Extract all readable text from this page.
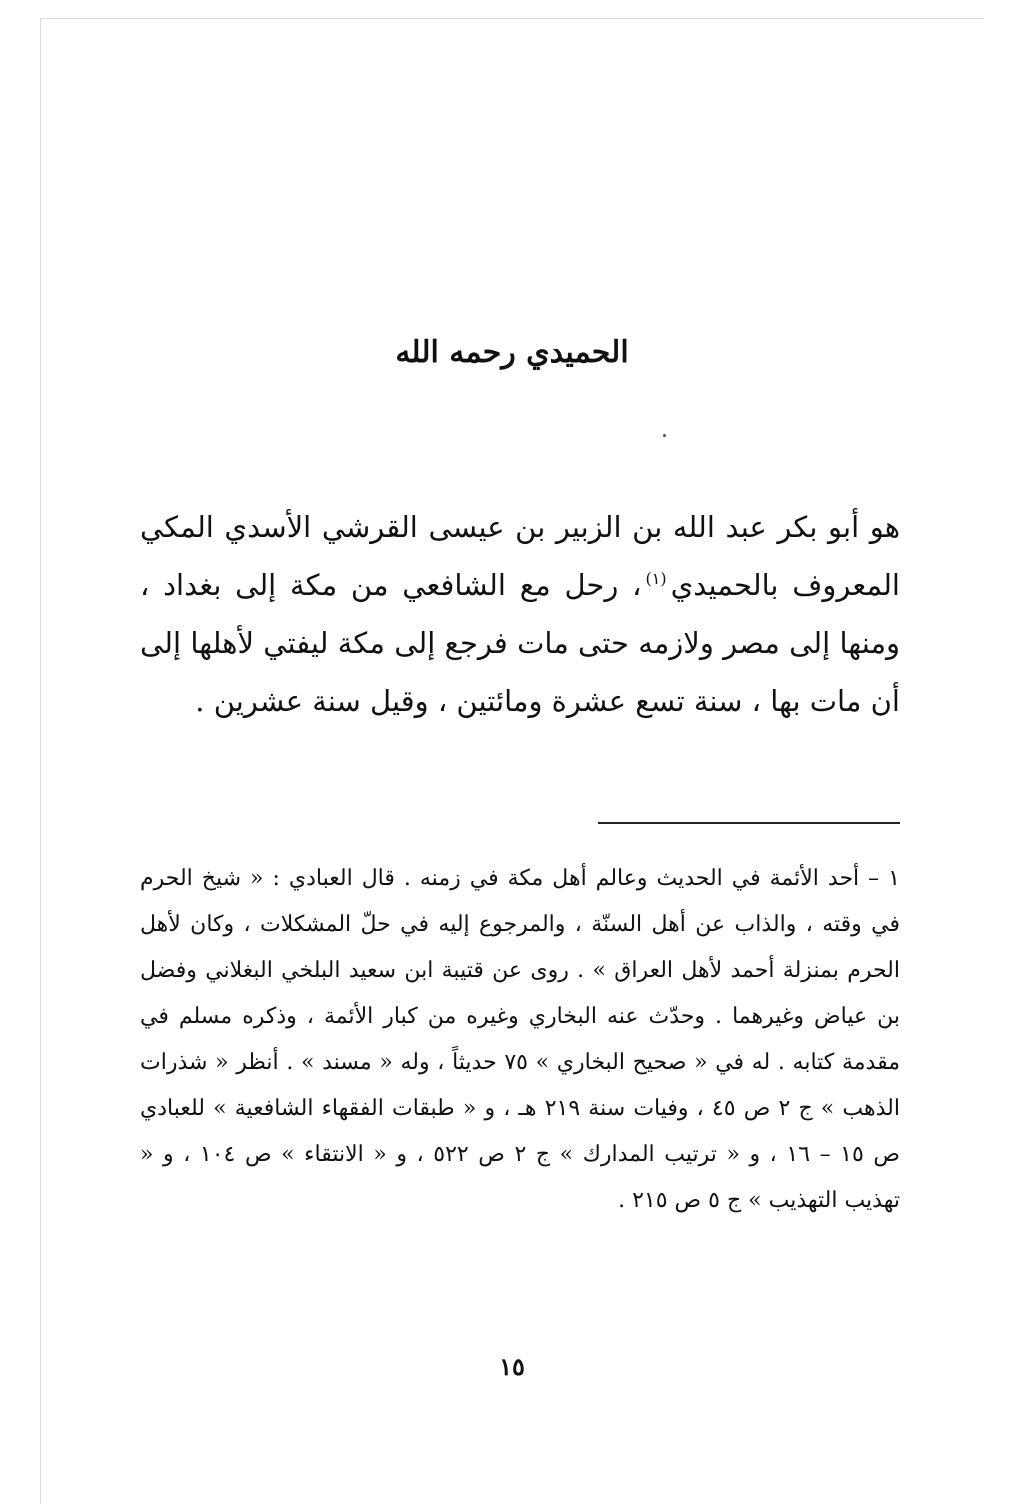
الحميدي رحمه الله

هو أبو بكر عبد الله بن الزبير بن عيسى القرشي الأسدي المكي المعروف بالحميدي$^{(١)}$، رحل مع الشافعي من مكة إلى بغداد ، ومنها إلى مصر ولازمه حتى مات فرجع إلى مكة ليفتي لأهلها إلى أن مات بها ، سنة تسع عشرة ومائتين ، وقيل سنة عشرين .

١ – أحد الأئمة في الحديث وعالم أهل مكة في زمنه . قال العبادي : « شيخ الحرم في وقته ، والذاب عن أهل السنّة ، والمرجوع إليه في حلّ المشكلات ، وكان لأهل الحرم بمنزلة أحمد لأهل العراق » . روى عن قتيبة ابن سعيد البلخي البغلاني وفضل بن عياض وغيرهما . وحدّث عنه البخاري وغيره من كبار الأئمة ، وذكره مسلم في مقدمة كتابه . له في « صحيح البخاري » ٧٥ حديثاً ، وله « مسند » . أنظر « شذرات الذهب » ج ٢ ص ٤٥ ، وفيات سنة ٢١٩ هـ ، و « طبقات الفقهاء الشافعية » للعبادي ص ١٥ – ١٦ ، و « ترتيب المدارك » ج ٢ ص ٥٢٢ ، و « الانتقاء » ص ١٠٤ ، و « تهذيب التهذيب » ج ٥ ص ٢١٥ .

١٥
